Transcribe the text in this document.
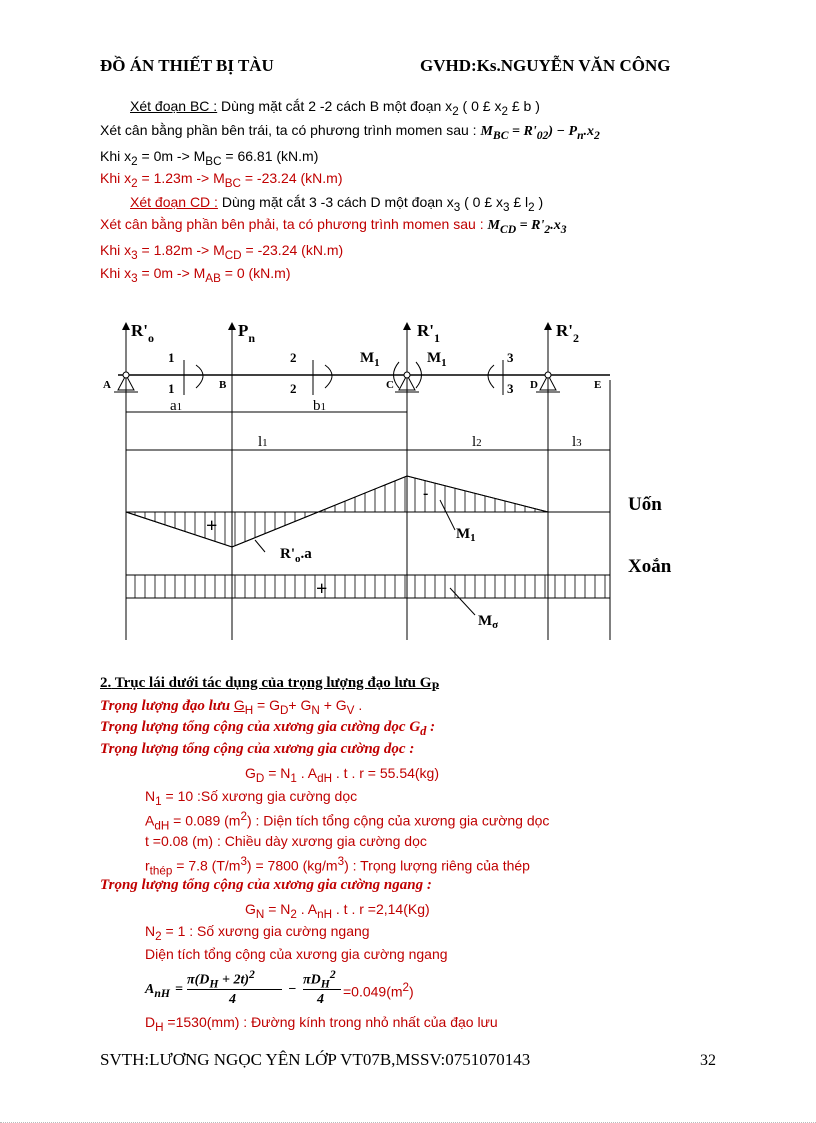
ĐỒ ÁN THIẾT BỊ TÀU	GVHD:Ks.NGUYỄN VĂN CÔNG
Xét đoạn BC : Dùng mặt cắt 2 -2 cách B một đoạn $x_2$ ( 0 £ $x_2$ £ b )
Xét cân bằng phần bên trái, ta có phương trình momen sau : $M_{BC} = R'_{02}) - P_n.x_2$
Khi $x_2 = 0m -> M_{BC} = 66.81$ (kN.m)
Khi $x_2 = 1.23m -> M_{BC} = -23.24$ (kN.m)
Xét đoạn CD : Dùng mặt cắt 3 -3 cách D một đoạn $x_3$ ( 0 £ $x_3$ £ $l_2$ )
Xét cân bằng phần bên phải, ta có phương trình momen sau : $M_{CD} = R'_2.x_3$
Khi $x_3 = 1.82m -> M_{CD} = -23.24$ (kN.m)
Khi $x_3 = 0m -> M_{AB} = 0$ (kN.m)
$R'_o$	$P_n$	$R'_1$	$R'_2$
$M_1$	$M_1$
1
1
2
2
3
3
A	B	C	D	E
a1	b1
l1	l2	l3
Uốn
Xoắn
$M_1$
$R'_o.a$
$M_\sigma$
+
-
+
2. Trục lái dưới tác dụng của trọng lượng đạo lưu $G_P$
Trọng lượng đạo lưu $G_H = G_D+ G_N + G_V$ .
Trọng lượng tổng cộng của xương gia cường dọc $G_d$ :
Trọng lượng tổng cộng của xương gia cường dọc :
$G_D = N_1$ . $A_{dH}$ . t . r = 55.54(kg)
$N_1 = 10$ :Số xương gia cường dọc
$A_{dH} = 0.089$ $(m^2)$ : Diện tích tổng cộng của xương gia cường dọc
t =0.08 (m) : Chiều dày xương gia cường dọc
$r_{thép} = 7.8$ $(T/m^3) = 7800$ $(kg/m^3)$ : Trọng lượng riêng của thép
Trọng lượng tổng cộng của xương gia cường ngang :
$G_N = N_2$ . $A_{nH}$ . t . r =2,14(Kg)
$N_2 = 1$ : Số xương gia cường ngang
Diện tích tổng cộng của xương gia cường ngang
$A_{nH}$ =
$\pi(D_H + 2t)^2$
4
−
$\pi D_H^2$
$4 =0.049(m^2)$
$D_H =1530(mm)$ : Đường kính trong nhỏ nhất của đạo lưu
SVTH:LƯƠNG NGỌC YÊN LỚP VT07B,MSSV:0751070143	32
